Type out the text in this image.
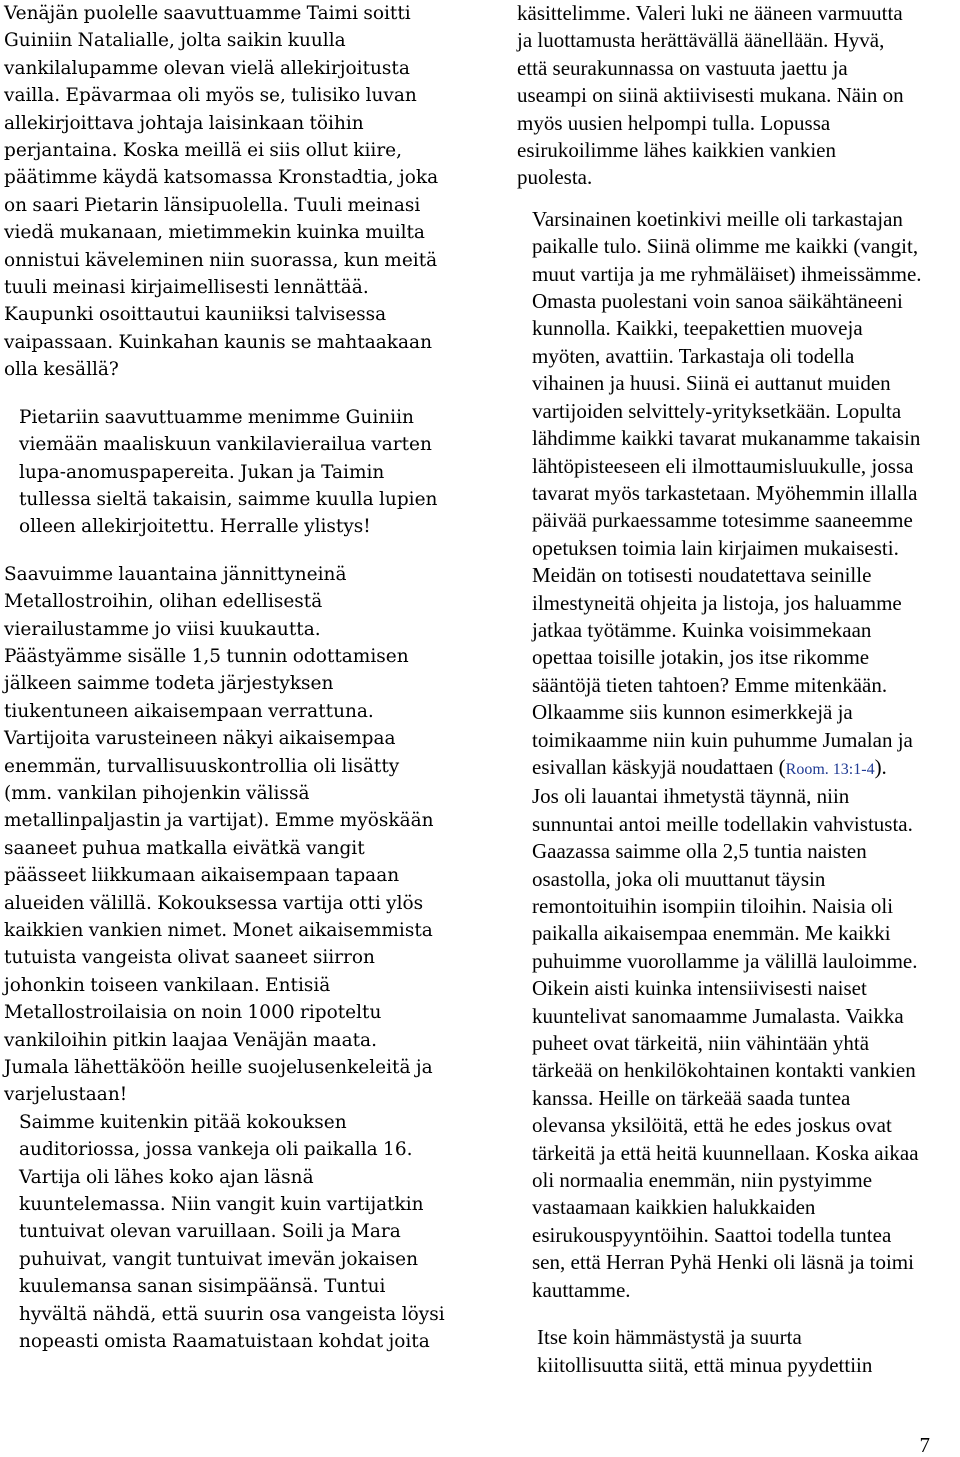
Venäjän puolelle saavuttuamme Taimi soitti
Guiniin Natalialle, jolta saikin kuulla
vankilalupamme olevan vielä allekirjoitusta
vailla. Epävarmaa oli myös se, tulisiko luvan
allekirjoittava johtaja laisinkaan töihin
perjantaina. Koska meillä ei siis ollut kiire,
päätimme käydä katsomassa Kronstadtia, joka
on saari Pietarin länsipuolella. Tuuli meinasi
viedä mukanaan, mietimmekin kuinka muilta
onnistui käveleminen niin suorassa, kun meitä
tuuli meinasi kirjaimellisesti lennättää.
Kaupunki osoittautui kauniiksi talvisessa
vaipassaan. Kuinkahan kaunis se mahtaakaan
olla kesällä?

Pietariin saavuttuamme menimme Guiniin
viemään maaliskuun vankilavierailua varten
lupa-anomuspapereita. Jukan ja Taimin
tullessa sieltä takaisin, saimme kuulla lupien
olleen allekirjoitettu. Herralle ylistys!

Saavuimme lauantaina jännittyneinä
Metallostroihin, olihan edellisestä
vierailustamme jo viisi kuukautta.
Päästyämme sisälle 1,5 tunnin odottamisen
jälkeen saimme todeta järjestyksen
tiukentuneen aikaisempaan verrattuna.
Vartijoita varusteineen näkyi aikaisempaa
enemmän, turvallisuuskontrollia oli lisätty
(mm. vankilan pihojenkin välissä
metallinpaljastin ja vartijat). Emme myöskään
saaneet puhua matkalla eivätkä vangit
päässeet liikkumaan aikaisempaan tapaan
alueiden välillä. Kokouksessa vartija otti ylös
kaikkien vankien nimet. Monet aikaisemmista
tutuista vangeista olivat saaneet siirron
johonkin toiseen vankilaan. Entisiä
Metallostroilaisia on noin 1000 ripoteltu
vankiloihin pitkin laajaa Venäjän maata.
Jumala lähettäköön heille suojelusenkeleitä ja
varjelustaan!

Saimme kuitenkin pitää kokouksen
auditoriossa, jossa vankeja oli paikalla 16.
Vartija oli lähes koko ajan läsnä
kuuntelemassa. Niin vangit kuin vartijatkin
tuntuivat olevan varuillaan. Soili ja Mara
puhuivat, vangit tuntuivat imevän jokaisen
kuulemansa sanan sisimpäänsä. Tuntui
hyvältä nähdä, että suurin osa vangeista löysi
nopeasti omista Raamatuistaan kohdat joita

käsittelimme. Valeri luki ne ääneen varmuutta
ja luottamusta herättävällä äänellään. Hyvä,
että seurakunnassa on vastuuta jaettu ja
useampi on siinä aktiivisesti mukana. Näin on
myös uusien helpompi tulla. Lopussa
esirukoilimme lähes kaikkien vankien
puolesta.

Varsinainen koetinkivi meille oli tarkastajan
paikalle tulo. Siinä olimme me kaikki (vangit,
muut vartija ja me ryhmäläiset) ihmeissämme.
Omasta puolestani voin sanoa säikähtäneeni
kunnolla. Kaikki, teepakettien muoveja
myöten, avattiin. Tarkastaja oli todella
vihainen ja huusi. Siinä ei auttanut muiden
vartijoiden selvittely-yrityksetkään. Lopulta
lähdimme kaikki tavarat mukanamme takaisin
lähtöpisteeseen eli ilmottaumisluukulle, jossa
tavarat myös tarkastetaan. Myöhemmin illalla
päivää purkaessamme totesimme saaneemme
opetuksen toimia lain kirjaimen mukaisesti.
Meidän on totisesti noudatettava seinille
ilmestyneitä ohjeita ja listoja, jos haluamme
jatkaa työtämme. Kuinka voisimmekaan
opettaa toisille jotakin, jos itse rikomme
sääntöjä tieten tahtoen? Emme mitenkään.
Olkaamme siis kunnon esimerkkejä ja
toimikaamme niin kuin puhumme Jumalan ja
esivallan käskyjä noudattaen (Room. 13:1-4).
Jos oli lauantai ihmetystä täynnä, niin
sunnuntai antoi meille todellakin vahvistusta.
Gaazassa saimme olla 2,5 tuntia naisten
osastolla, joka oli muuttanut täysin
remontoituihin isompiin tiloihin. Naisia oli
paikalla aikaisempaa enemmän. Me kaikki
puhuimme vuorollamme ja välillä lauloimme.
Oikein aisti kuinka intensiivisesti naiset
kuuntelivat sanomaamme Jumalasta. Vaikka
puheet ovat tärkeitä, niin vähintään yhtä
tärkeää on henkilökohtainen kontakti vankien
kanssa. Heille on tärkeää saada tuntea
olevansa yksilöitä, että he edes joskus ovat
tärkeitä ja että heitä kuunnellaan. Koska aikaa
oli normaalia enemmän, niin pystyimme
vastaamaan kaikkien halukkaiden
esirukouspyyntöihin. Saattoi todella tuntea
sen, että Herran Pyhä Henki oli läsnä ja toimi
kauttamme.

Itse koin hämmästystä ja suurta
kiitollisuutta siitä, että minua pyydettiin

7
